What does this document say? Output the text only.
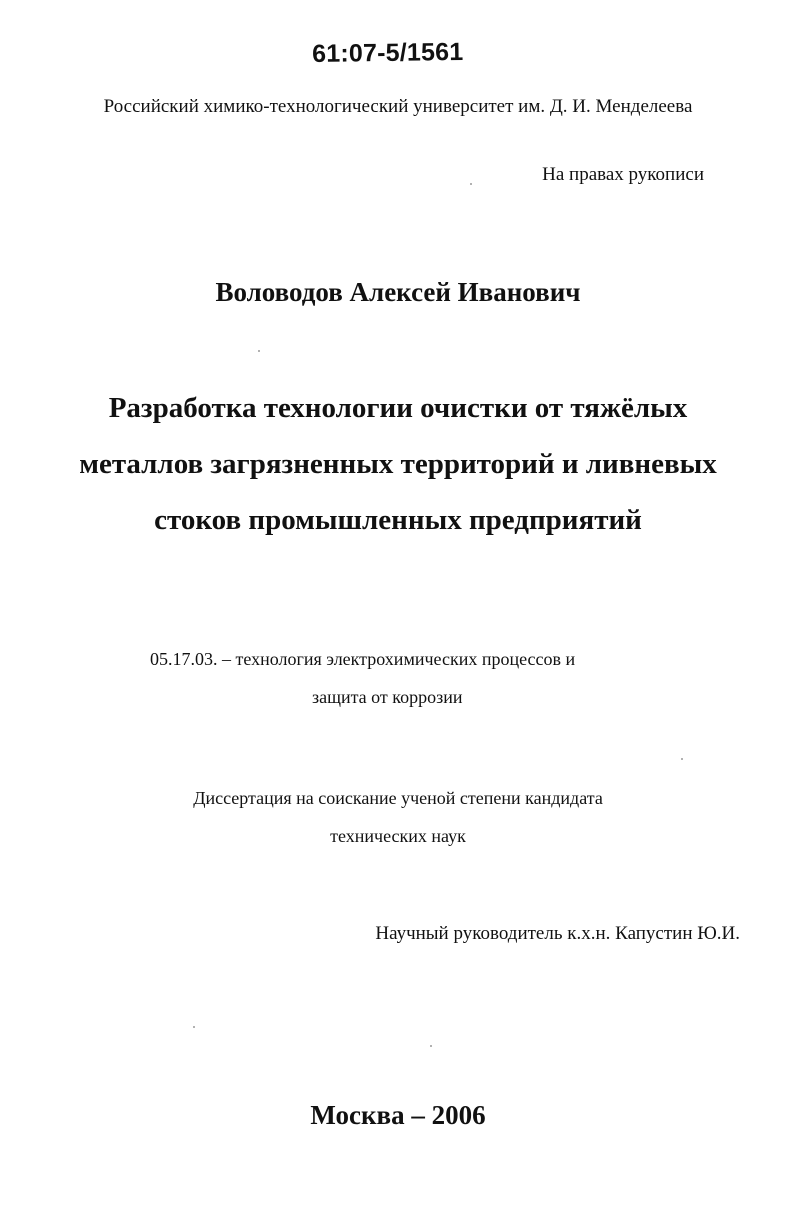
61:07-5/1561
Российский химико-технологический университет им. Д. И. Менделеева
На правах рукописи
Воловодов Алексей Иванович
Разработка технологии очистки от тяжёлых
металлов загрязненных территорий и ливневых
стоков промышленных предприятий
05.17.03. – технология электрохимических процессов и
защита от коррозии
Диссертация на соискание ученой степени кандидата
технических наук
Научный руководитель к.х.н. Капустин Ю.И.
Москва – 2006
